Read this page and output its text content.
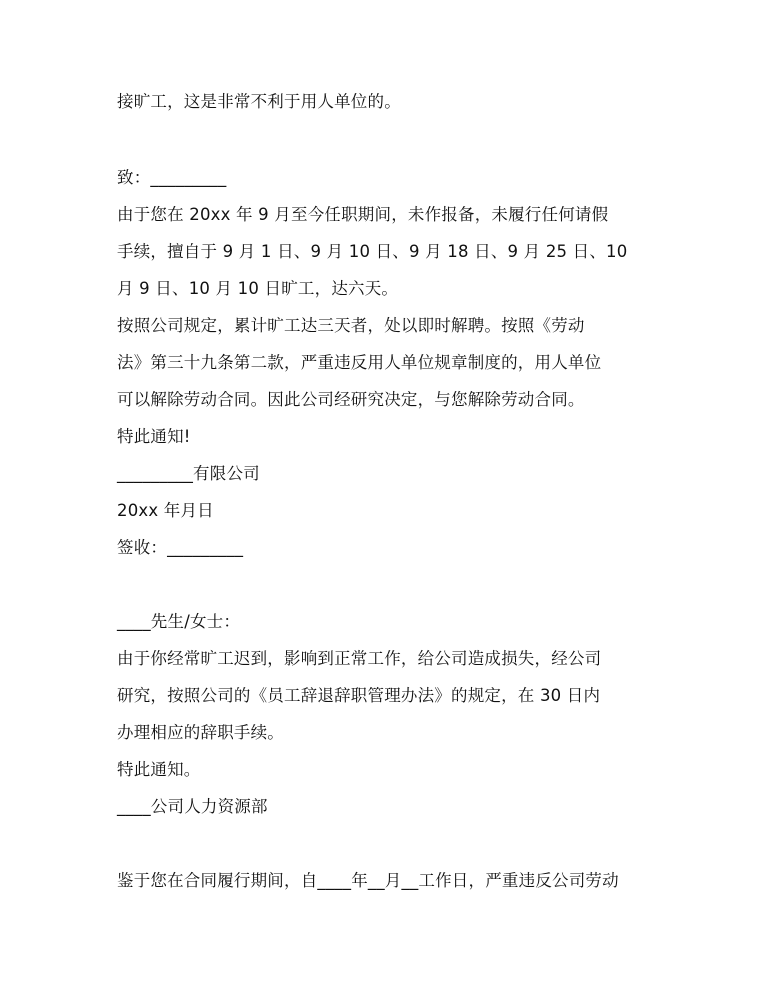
接旷工，这是非常不利于用人单位的。
致：_________
由于您在 20xx 年 9 月至今任职期间，未作报备，未履行任何请假
手续，擅自于 9 月 1 日、9 月 10 日、9 月 18 日、9 月 25 日、10
月 9 日、10 月 10 日旷工，达六天。
按照公司规定，累计旷工达三天者，处以即时解聘。按照《劳动
法》第三十九条第二款，严重违反用人单位规章制度的，用人单位
可以解除劳动合同。因此公司经研究决定，与您解除劳动合同。
特此通知!
_________有限公司
20xx 年月日
签收：_________
____先生/女士：
由于你经常旷工迟到，影响到正常工作，给公司造成损失，经公司
研究，按照公司的《员工辞退辞职管理办法》的规定，在 30 日内
办理相应的辞职手续。
特此通知。
____公司人力资源部
鉴于您在合同履行期间，自____年__月__工作日，严重违反公司劳动
